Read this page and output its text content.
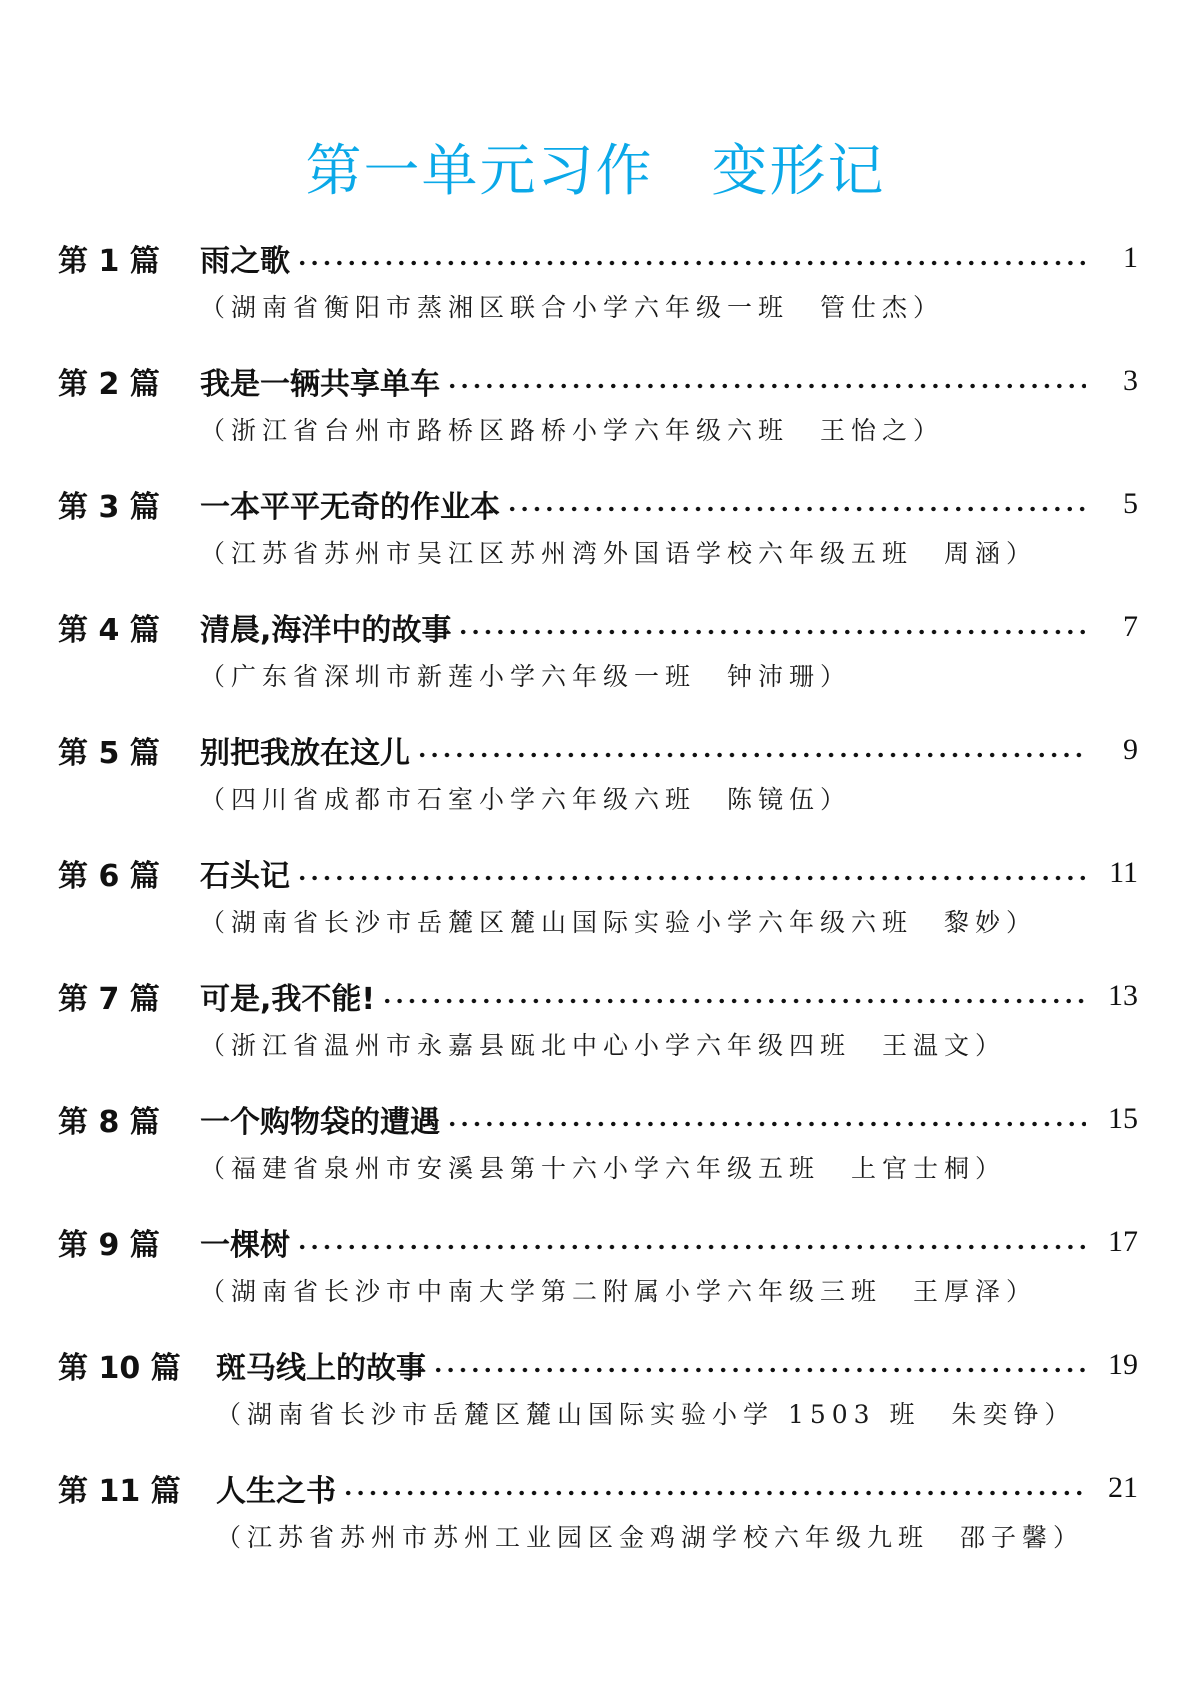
第一单元习作　变形记
第 1 篇	雨之歌	1
（湖南省衡阳市蒸湘区联合小学六年级一班　管仕杰）
第 2 篇	我是一辆共享单车	3
（浙江省台州市路桥区路桥小学六年级六班　王怡之）
第 3 篇	一本平平无奇的作业本	5
（江苏省苏州市吴江区苏州湾外国语学校六年级五班　周涵）
第 4 篇	清晨,海洋中的故事	7
（广东省深圳市新莲小学六年级一班　钟沛珊）
第 5 篇	别把我放在这儿	9
（四川省成都市石室小学六年级六班　陈镜伍）
第 6 篇	石头记	11
（湖南省长沙市岳麓区麓山国际实验小学六年级六班　黎妙）
第 7 篇	可是,我不能!	13
（浙江省温州市永嘉县瓯北中心小学六年级四班　王温文）
第 8 篇	一个购物袋的遭遇	15
（福建省泉州市安溪县第十六小学六年级五班　上官士桐）
第 9 篇	一棵树	17
（湖南省长沙市中南大学第二附属小学六年级三班　王厚泽）
第 10 篇	斑马线上的故事	19
（湖南省长沙市岳麓区麓山国际实验小学 1503 班　朱奕铮）
第 11 篇	人生之书	21
（江苏省苏州市苏州工业园区金鸡湖学校六年级九班　邵子馨）
